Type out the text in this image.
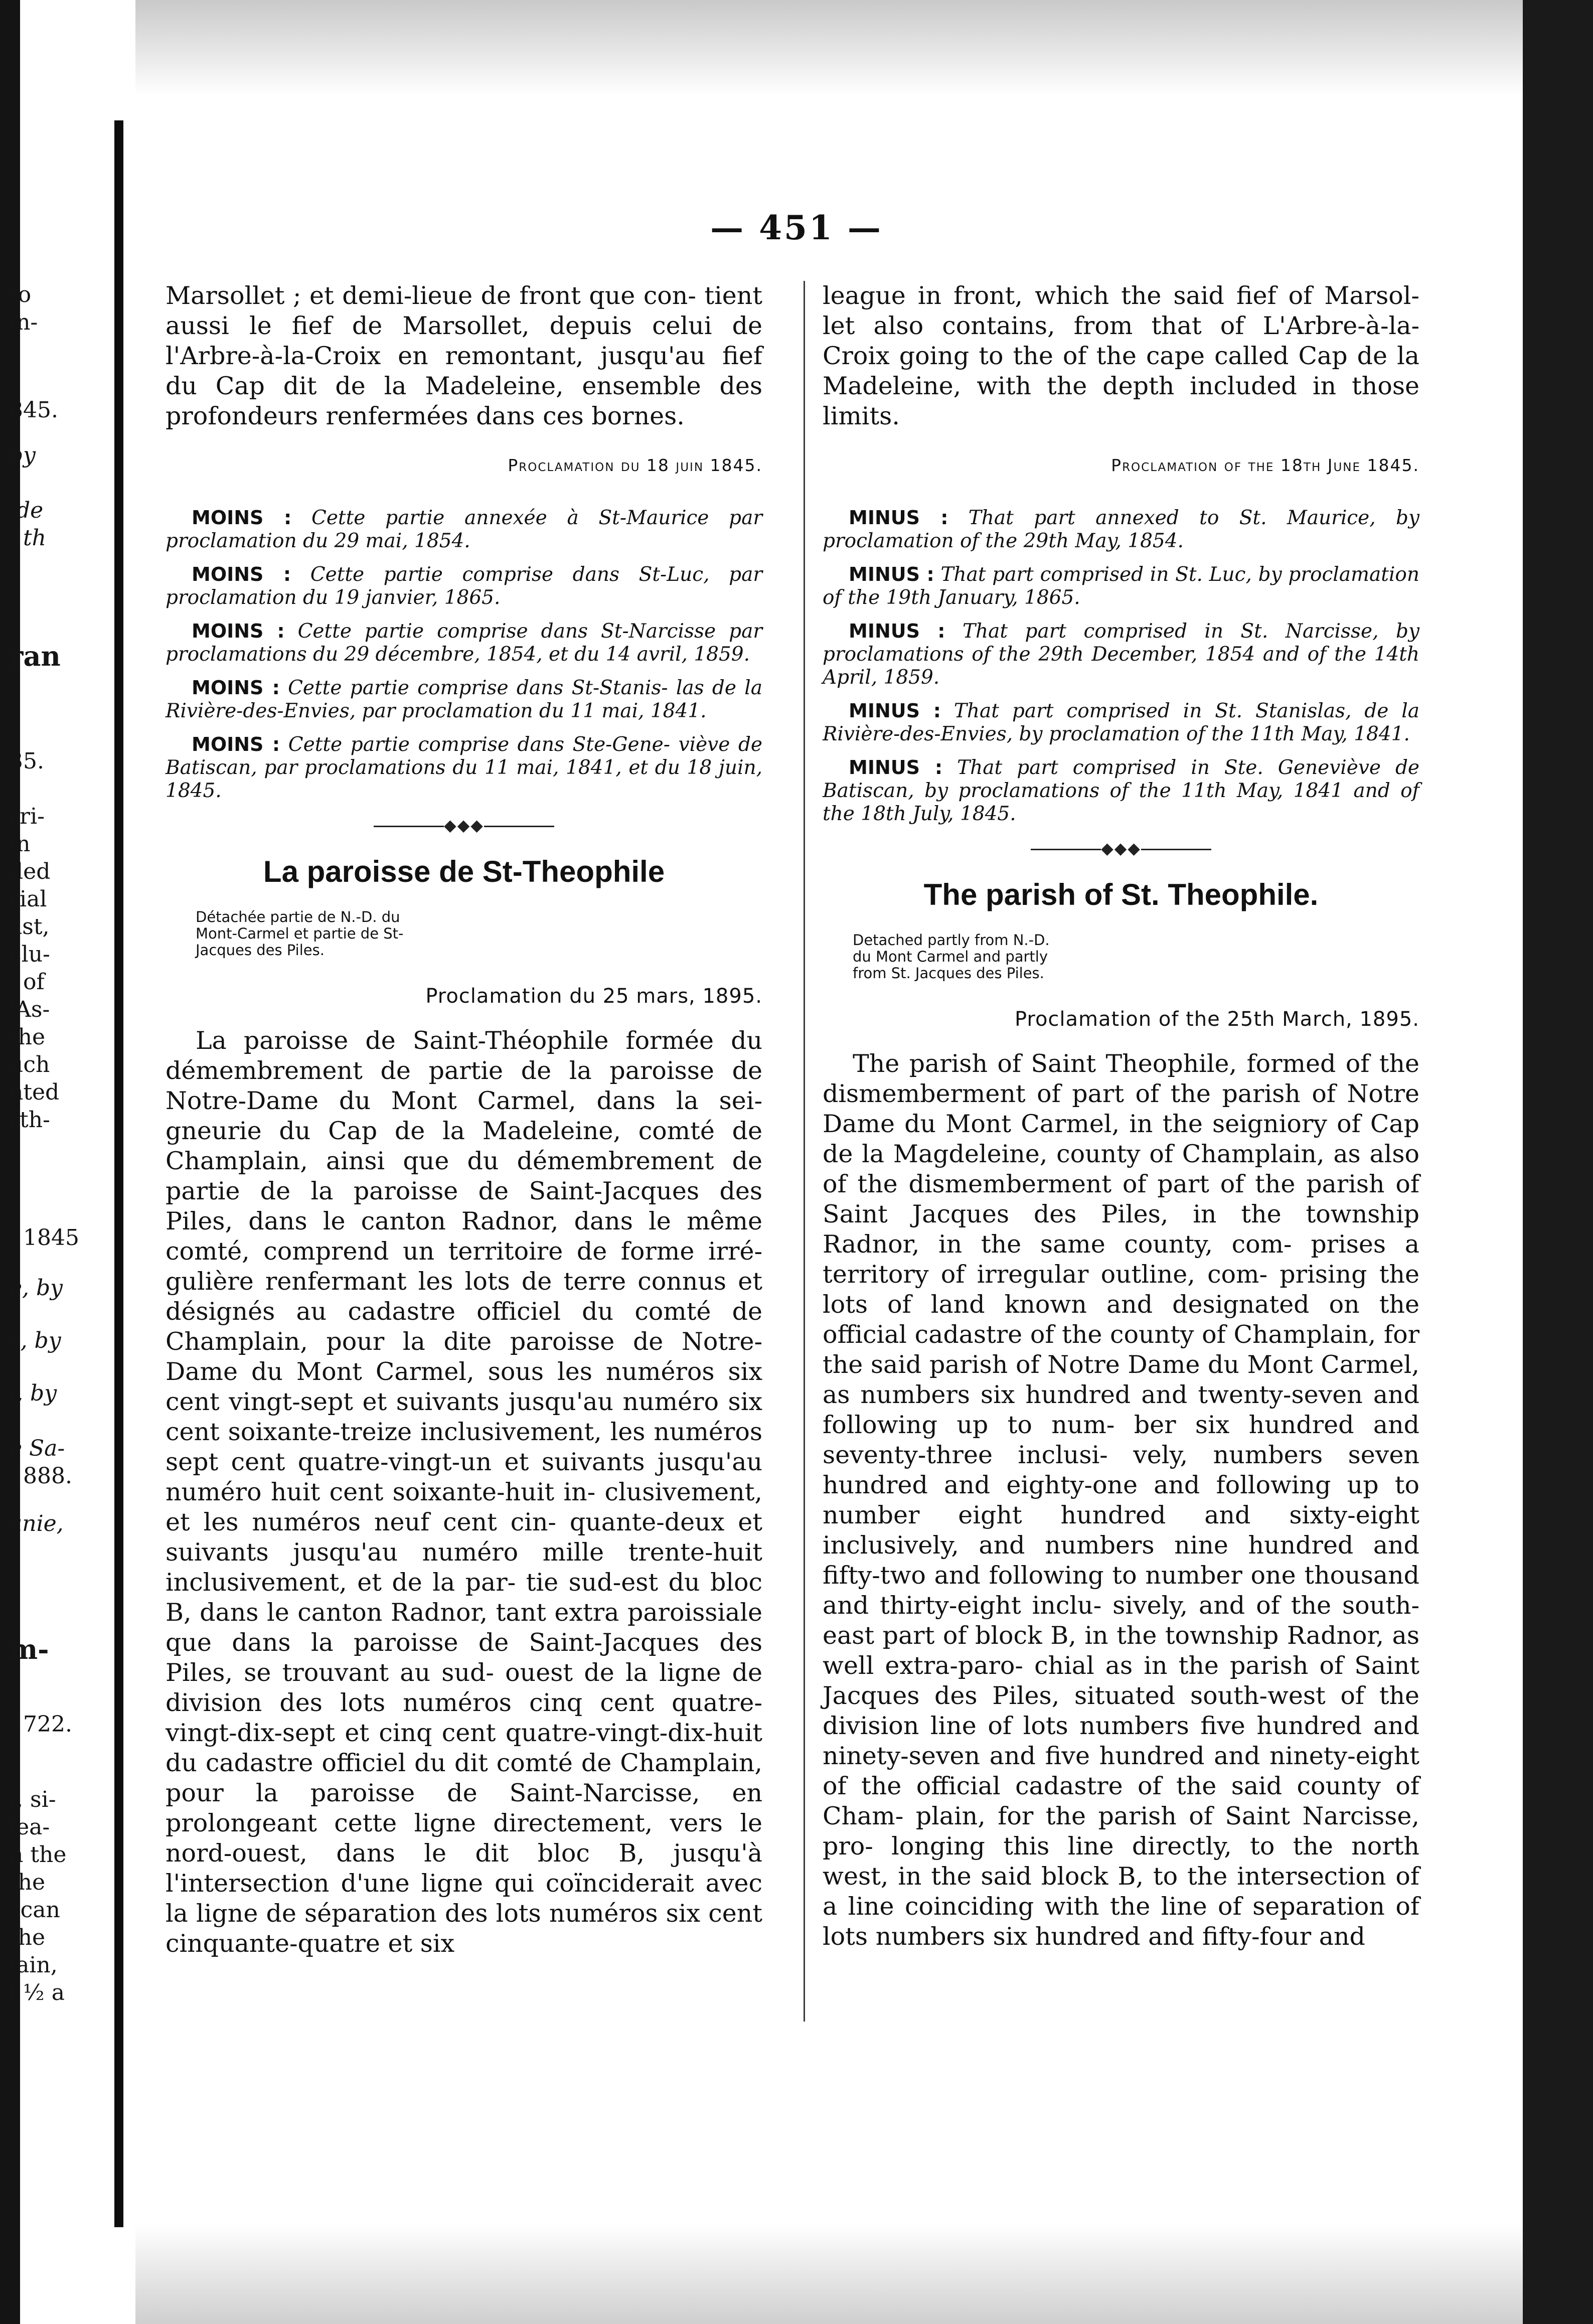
to
in-
845.
by
,de
1th
ran
35.
rri-
in
ded
rial
ast,
clu-
, of
'As-
the
uch
nted
rth-
. 1845
e, by
s, by
i, by
e Sa-
1888.
anie,
m-
1722.
ı, si-
lea-
n the
the
scan
the
lain,
l ½ a
— 451 —

Marsollet ; et demi-lieue de front que con- tient aussi le fief de Marsollet, depuis celui de l'Arbre-à-la-Croix en remontant, jusqu'au fief du Cap dit de la Madeleine, ensemble des profondeurs renfermées dans ces bornes.

Proclamation du 18 juin 1845.

MOINS : Cette partie annexée à St-Maurice par proclamation du 29 mai, 1854.

MOINS : Cette partie comprise dans St-Luc, par proclamation du 19 janvier, 1865.

MOINS : Cette partie comprise dans St-Narcisse par proclamations du 29 décembre, 1854, et du 14 avril, 1859.

MOINS : Cette partie comprise dans St-Stanis- las de la Rivière-des-Envies, par proclamation du 11 mai, 1841.

MOINS : Cette partie comprise dans Ste-Gene- viève de Batiscan, par proclamations du 11 mai, 1841, et du 18 juin, 1845.

◆◆◆
La paroisse de St-Theophile
Détachée partie de N.-D. du Mont-Carmel et partie de St-Jacques des Piles.
Proclamation du 25 mars, 1895.

La paroisse de Saint-Théophile formée du démembrement de partie de la paroisse de Notre-Dame du Mont Carmel, dans la sei- gneurie du Cap de la Madeleine, comté de Champlain, ainsi que du démembrement de partie de la paroisse de Saint-Jacques des Piles, dans le canton Radnor, dans le même comté, comprend un territoire de forme irré- gulière renfermant les lots de terre connus et désignés au cadastre officiel du comté de Champlain, pour la dite paroisse de Notre- Dame du Mont Carmel, sous les numéros six cent vingt-sept et suivants jusqu'au numéro six cent soixante-treize inclusivement, les numéros sept cent quatre-vingt-un et suivants jusqu'au numéro huit cent soixante-huit in- clusivement, et les numéros neuf cent cin- quante-deux et suivants jusqu'au numéro mille trente-huit inclusivement, et de la par- tie sud-est du bloc B, dans le canton Radnor, tant extra paroissiale que dans la paroisse de Saint-Jacques des Piles, se trouvant au sud- ouest de la ligne de division des lots numéros cinq cent quatre-vingt-dix-sept et cinq cent quatre-vingt-dix-huit du cadastre officiel du dit comté de Champlain, pour la paroisse de Saint-Narcisse, en prolongeant cette ligne directement, vers le nord-ouest, dans le dit bloc B, jusqu'à l'intersection d'une ligne qui coïnciderait avec la ligne de séparation des lots numéros six cent cinquante-quatre et six

league in front, which the said fief of Marsol- let also contains, from that of L'Arbre-à-la- Croix going to the of the cape called Cap de la Madeleine, with the depth included in those limits.

Proclamation of the 18th June 1845.

MINUS : That part annexed to St. Maurice, by proclamation of the 29th May, 1854.

MINUS : That part comprised in St. Luc, by proclamation of the 19th January, 1865.

MINUS : That part comprised in St. Narcisse, by proclamations of the 29th December, 1854 and of the 14th April, 1859.

MINUS : That part comprised in St. Stanislas, de la Rivière-des-Envies, by proclamation of the 11th May, 1841.

MINUS : That part comprised in Ste. Geneviève de Batiscan, by proclamations of the 11th May, 1841 and of the 18th July, 1845.

◆◆◆
The parish of St. Theophile.
Detached partly from N.-D. du Mont Carmel and partly from St. Jacques des Piles.
Proclamation of the 25th March, 1895.

The parish of Saint Theophile, formed of the dismemberment of part of the parish of Notre Dame du Mont Carmel, in the seigniory of Cap de la Magdeleine, county of Champlain, as also of the dismemberment of part of the parish of Saint Jacques des Piles, in the township Radnor, in the same county, com- prises a territory of irregular outline, com- prising the lots of land known and designated on the official cadastre of the county of Champlain, for the said parish of Notre Dame du Mont Carmel, as numbers six hundred and twenty-seven and following up to num- ber six hundred and seventy-three inclusi- vely, numbers seven hundred and eighty-one and following up to number eight hundred and sixty-eight inclusively, and numbers nine hundred and fifty-two and following to number one thousand and thirty-eight inclu- sively, and of the south-east part of block B, in the township Radnor, as well extra-paro- chial as in the parish of Saint Jacques des Piles, situated south-west of the division line of lots numbers five hundred and ninety-seven and five hundred and ninety-eight of the official cadastre of the said county of Cham- plain, for the parish of Saint Narcisse, pro- longing this line directly, to the north west, in the said block B, to the intersection of a line coinciding with the line of separation of lots numbers six hundred and fifty-four and
